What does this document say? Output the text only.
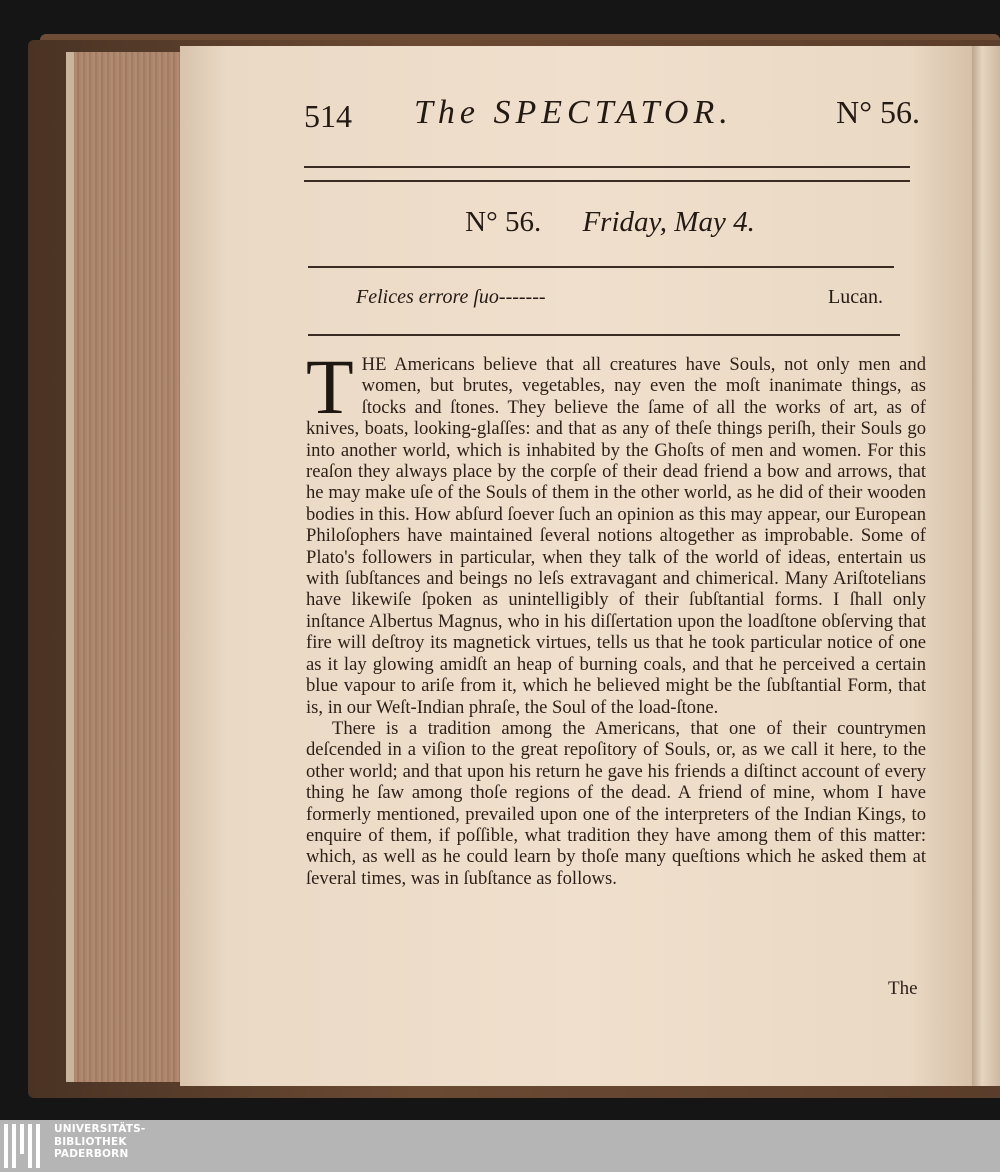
514 The SPECTATOR.	N° 56.
N° 56. Friday, May 4.
Felices errore ſuo-------	Lucan.

THE Americans believe that all creatures have Souls, not only men and women, but brutes, vegetables, nay even the moſt inanimate things, as ſtocks and ſtones. They believe the ſame of all the works of art, as of knives, boats, looking-glaſſes: and that as any of theſe things periſh, their Souls go into another world, which is inhabited by the Ghoſts of men and women. For this reaſon they always place by the corpſe of their dead friend a bow and arrows, that he may make uſe of the Souls of them in the other world, as he did of their wooden bodies in this. How abſurd ſoever ſuch an opinion as this may appear, our European Philoſophers have maintained ſeveral notions altogether as improbable. Some of Plato's followers in particular, when they talk of the world of ideas, entertain us with ſubſtances and beings no leſs extravagant and chimerical. Many Ariſtotelians have likewiſe ſpoken as unintelligibly of their ſubſtantial forms. I ſhall only inſtance Albertus Magnus, who in his diſſertation upon the loadſtone obſerving that fire will deſtroy its magnetick virtues, tells us that he took particular notice of one as it lay glowing amidſt an heap of burning coals, and that he perceived a certain blue vapour to ariſe from it, which he believed might be the ſubſtantial Form, that is, in our Weſt-Indian phraſe, the Soul of the load-ſtone.

There is a tradition among the Americans, that one of their countrymen deſcended in a viſion to the great repoſitory of Souls, or, as we call it here, to the other world; and that upon his return he gave his friends a diſtinct account of every thing he ſaw among thoſe regions of the dead. A friend of mine, whom I have formerly mentioned, prevailed upon one of the interpreters of the Indian Kings, to enquire of them, if poſſible, what tradition they have among them of this matter: which, as well as he could learn by thoſe many queſtions which he asked them at ſeveral times, was in ſubſtance as follows.

The
UNIVERSITÄTS-
BIBLIOTHEK
PADERBORN
